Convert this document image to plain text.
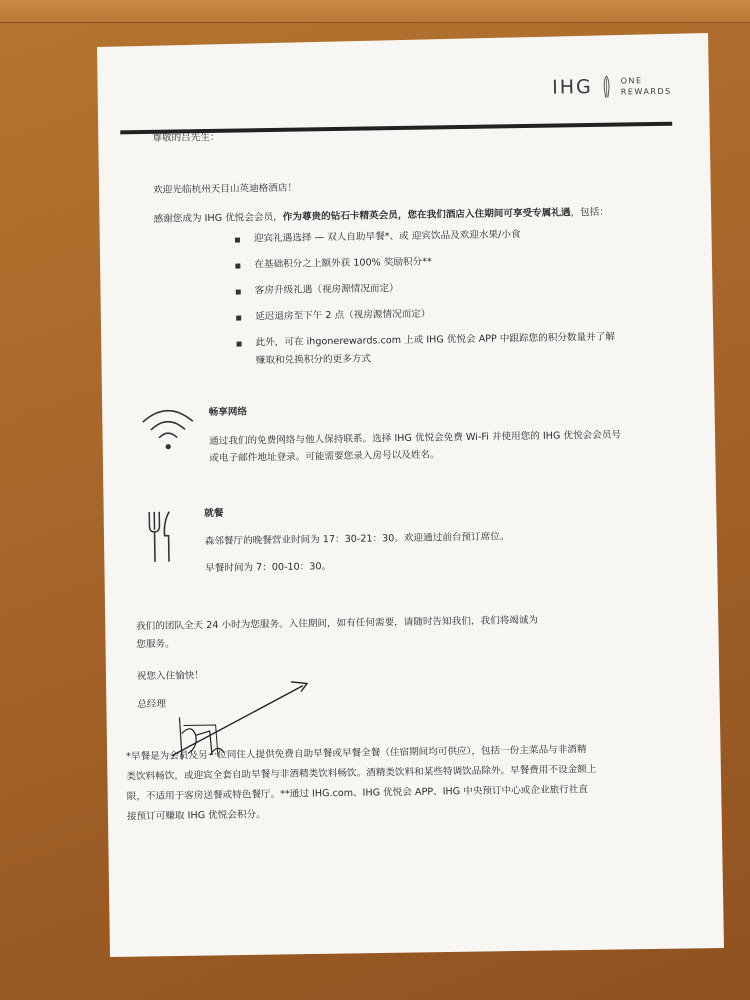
IHG	ONE
REWARDS
尊敬的吕先生：
欢迎光临杭州天目山英迪格酒店！
感谢您成为 IHG 优悦会会员，作为尊贵的钻石卡精英会员，您在我们酒店入住期间可享受专属礼遇，包括：
迎宾礼遇选择 — 双人自助早餐*、或 迎宾饮品及欢迎水果/小食
在基础积分之上额外获 100% 奖励积分**
客房升级礼遇（视房源情况而定）
延迟退房至下午 2 点（视房源情况而定）
此外，可在 ihgonerewards.com 上或 IHG 优悦会 APP 中跟踪您的积分数量并了解
赚取和兑换积分的更多方式
畅享网络
通过我们的免费网络与他人保持联系。选择 IHG 优悦会免费 Wi-Fi 并使用您的 IHG 优悦会会员号
或电子邮件地址登录。可能需要您录入房号以及姓名。
就餐
森邻餐厅的晚餐营业时间为 17：30-21：30。欢迎通过前台预订席位。
早餐时间为 7：00-10：30。
我们的团队全天 24 小时为您服务。入住期间，如有任何需要，请随时告知我们，我们将竭诚为
您服务。
祝您入住愉快！
总经理
*早餐是为会员及另一位同住人提供免费自助早餐或早餐全餐（住宿期间均可供应），包括一份主菜品与非酒精
类饮料畅饮，或迎宾全套自助早餐与非酒精类饮料畅饮。酒精类饮料和某些特调饮品除外。早餐费用不设金额上
限，不适用于客房送餐或特色餐厅。**通过 IHG.com、IHG 优悦会 APP、IHG 中央预订中心或企业旅行社直
接预订可赚取 IHG 优悦会积分。
